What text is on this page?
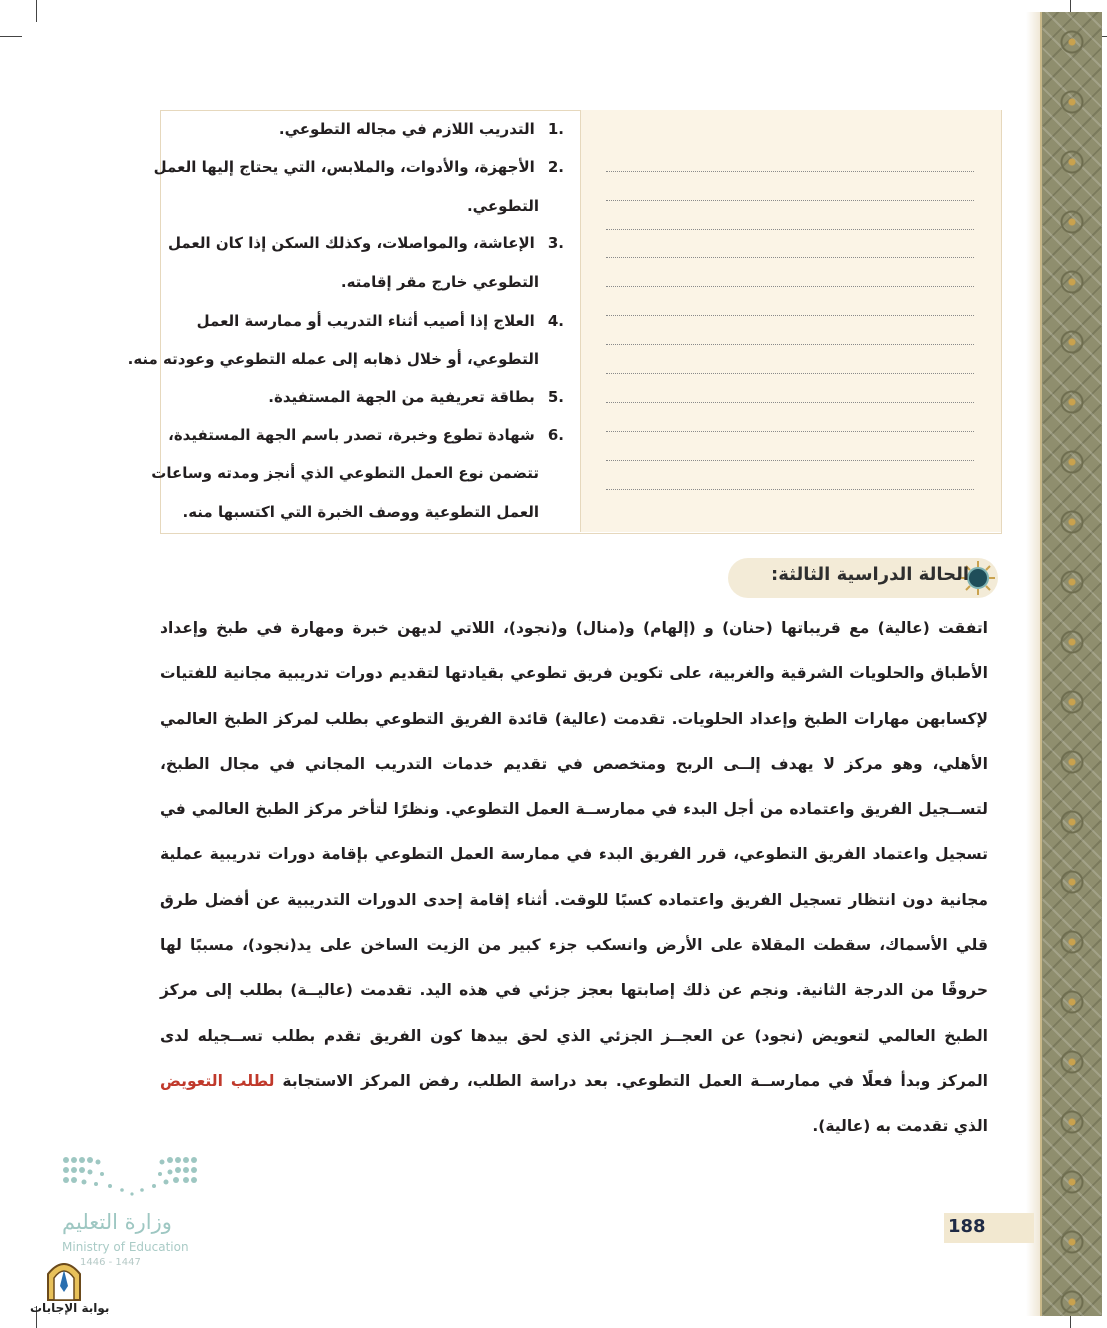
.1 التدريب اللازم في مجاله التطوعي.
.2 الأجهزة، والأدوات، والملابس، التي يحتاج إليها العمل
التطوعي.
.3 الإعاشة، والمواصلات، وكذلك السكن إذا كان العمل
التطوعي خارج مقر إقامته.
.4 العلاج إذا أصيب أثناء التدريب أو ممارسة العمل
التطوعي، أو خلال ذهابه إلى عمله التطوعي وعودته منه.
.5 بطاقة تعريفية من الجهة المستفيدة.
.6 شهادة تطوع وخبرة، تصدر باسم الجهة المستفيدة،
تتضمن نوع العمل التطوعي الذي أنجز ومدته وساعات
العمل التطوعية ووصف الخبرة التي اكتسبها منه.
الحالة الدراسية الثالثة:
اتفقت (عالية) مع قريباتها (حنان) و (إلهام) و(منال) و(نجود)، اللاتي لديهن خبرة ومهارة في طبخ وإعداد الأطباق والحلويات الشرقية والغربية، على تكوين فريق تطوعي بقيادتها لتقديم دورات تدريبية مجانية للفتيات لإكسابهن مهارات الطبخ وإعداد الحلويات. تقدمت (عالية) قائدة الفريق التطوعي بطلب لمركز الطبخ العالمي الأهلي، وهو مركز لا يهدف إلــى الربح ومتخصص في تقديم خدمات التدريب المجاني في مجال الطبخ، لتســجيل الفريق واعتماده من أجل البدء في ممارســة العمل التطوعي. ونظرًا لتأخر مركز الطبخ العالمي في تسجيل واعتماد الفريق التطوعي، قرر الفريق البدء في ممارسة العمل التطوعي بإقامة دورات تدريبية عملية مجانية دون انتظار تسجيل الفريق واعتماده كسبًا للوقت. أثناء إقامة إحدى الدورات التدريبية عن أفضل طرق قلي الأسماك، سقطت المقلاة على الأرض وانسكب جزء كبير من الزيت الساخن على يد(نجود)، مسببًا لها حروقًا من الدرجة الثانية. ونجم عن ذلك إصابتها بعجز جزئي في هذه اليد. تقدمت (عاليــة) بطلب إلى مركز الطبخ العالمي لتعويض (نجود) عن العجــز الجزئي الذي لحق بيدها كون الفريق تقدم بطلب تســجيله لدى المركز وبدأ فعلًا في ممارســة العمل التطوعي. بعد دراسة الطلب، رفض المركز الاستجابة لطلب التعويض الذي تقدمت به (عالية).
188
وزارة التعليم
Ministry of Education
1446 - 1447
بوابة الإجابات
